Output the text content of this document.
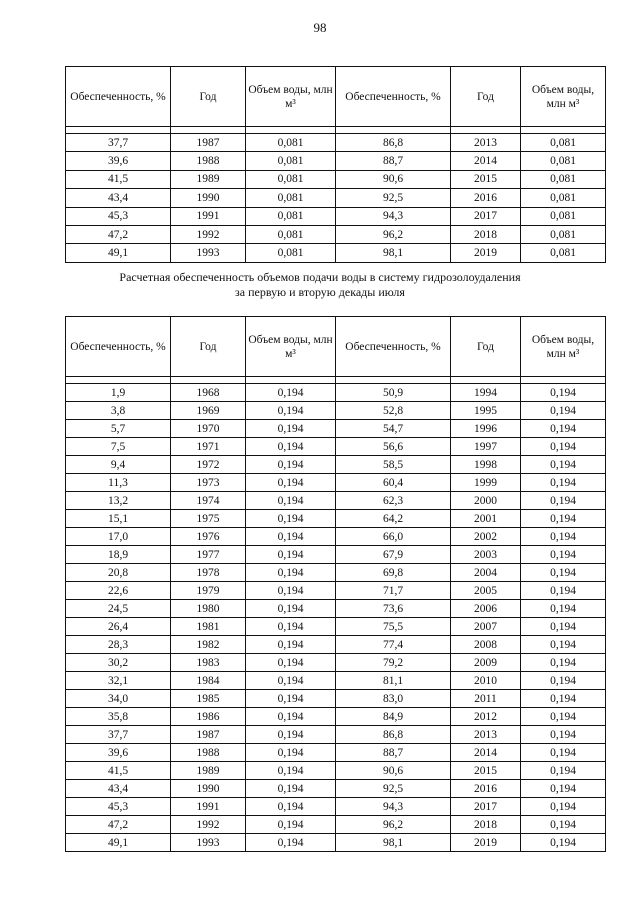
98
Обеспеченность, %	Год	Объем воды, млн м³	Обеспеченность, %	Год	Объем воды, млн м³

37,7	1987	0,081	86,8	2013	0,081
39,6	1988	0,081	88,7	2014	0,081
41,5	1989	0,081	90,6	2015	0,081
43,4	1990	0,081	92,5	2016	0,081
45,3	1991	0,081	94,3	2017	0,081
47,2	1992	0,081	96,2	2018	0,081
49,1	1993	0,081	98,1	2019	0,081
Расчетная обеспеченность объемов подачи воды в систему гидрозолоудаления
за первую и вторую декады июля
Обеспеченность, %	Год	Объем воды, млн м³	Обеспеченность, %	Год	Объем воды, млн м³

1,9	1968	0,194	50,9	1994	0,194
3,8	1969	0,194	52,8	1995	0,194
5,7	1970	0,194	54,7	1996	0,194
7,5	1971	0,194	56,6	1997	0,194
9,4	1972	0,194	58,5	1998	0,194
11,3	1973	0,194	60,4	1999	0,194
13,2	1974	0,194	62,3	2000	0,194
15,1	1975	0,194	64,2	2001	0,194
17,0	1976	0,194	66,0	2002	0,194
18,9	1977	0,194	67,9	2003	0,194
20,8	1978	0,194	69,8	2004	0,194
22,6	1979	0,194	71,7	2005	0,194
24,5	1980	0,194	73,6	2006	0,194
26,4	1981	0,194	75,5	2007	0,194
28,3	1982	0,194	77,4	2008	0,194
30,2	1983	0,194	79,2	2009	0,194
32,1	1984	0,194	81,1	2010	0,194
34,0	1985	0,194	83,0	2011	0,194
35,8	1986	0,194	84,9	2012	0,194
37,7	1987	0,194	86,8	2013	0,194
39,6	1988	0,194	88,7	2014	0,194
41,5	1989	0,194	90,6	2015	0,194
43,4	1990	0,194	92,5	2016	0,194
45,3	1991	0,194	94,3	2017	0,194
47,2	1992	0,194	96,2	2018	0,194
49,1	1993	0,194	98,1	2019	0,194
